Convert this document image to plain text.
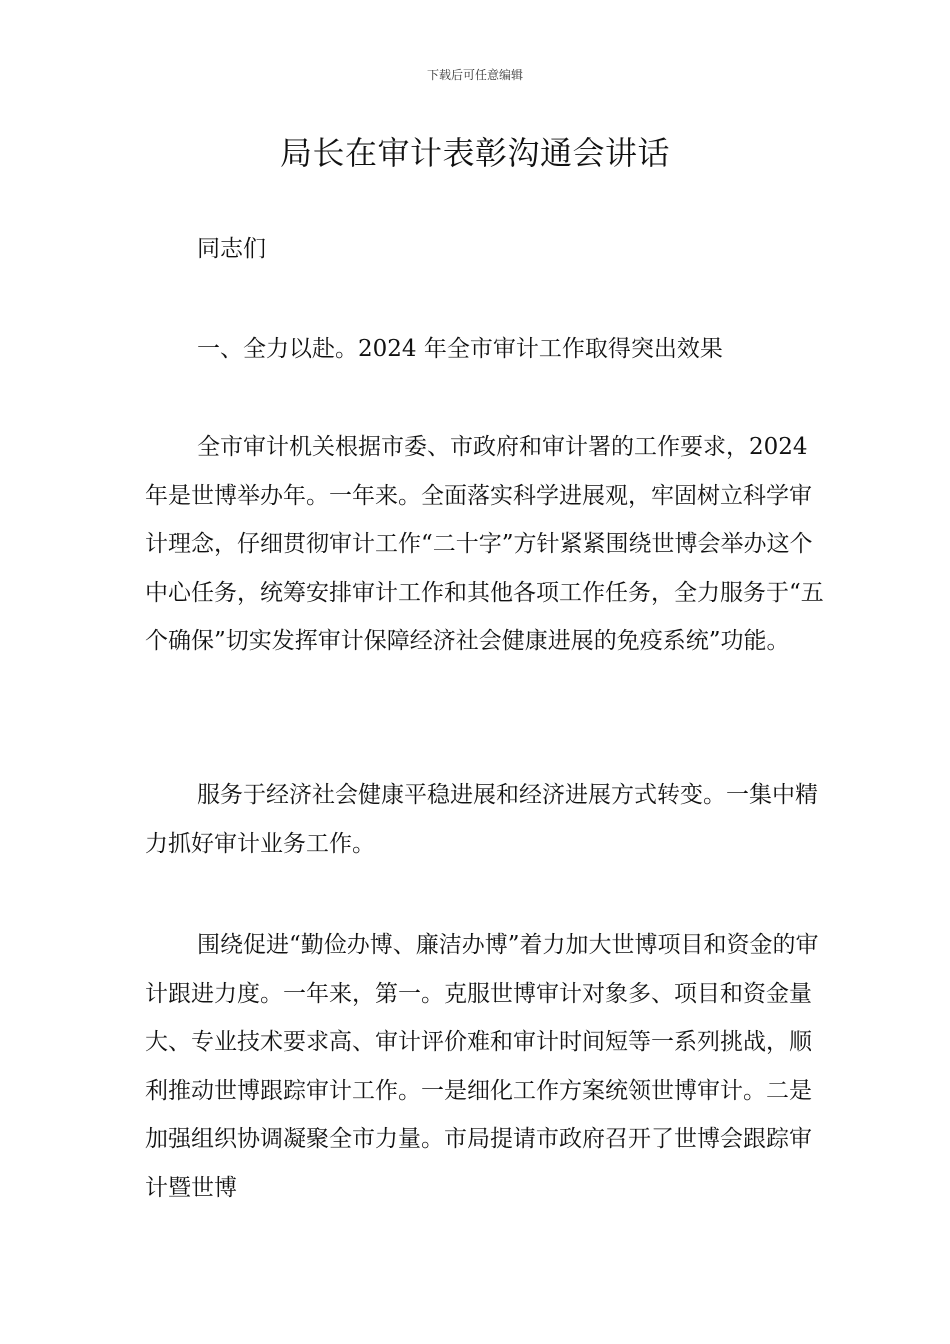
下载后可任意编辑
局长在审计表彰沟通会讲话

同志们

一、全力以赴。2024 年全市审计工作取得突出效果

全市审计机关根据市委、市政府和审计署的工作要求，2024 年是世博举办年。一年来。全面落实科学进展观，牢固树立科学审计理念，仔细贯彻审计工作“二十字”方针紧紧围绕世博会举办这个中心任务，统筹安排审计工作和其他各项工作任务，全力服务于“五个确保”切实发挥审计保障经济社会健康进展的免疫系统”功能。

服务于经济社会健康平稳进展和经济进展方式转变。一集中精力抓好审计业务工作。

围绕促进“勤俭办博、廉洁办博”着力加大世博项目和资金的审计跟进力度。一年来，第一。克服世博审计对象多、项目和资金量大、专业技术要求高、审计评价难和审计时间短等一系列挑战，顺利推动世博跟踪审计工作。一是细化工作方案统领世博审计。二是加强组织协调凝聚全市力量。市局提请市政府召开了世博会跟踪审计暨世博
